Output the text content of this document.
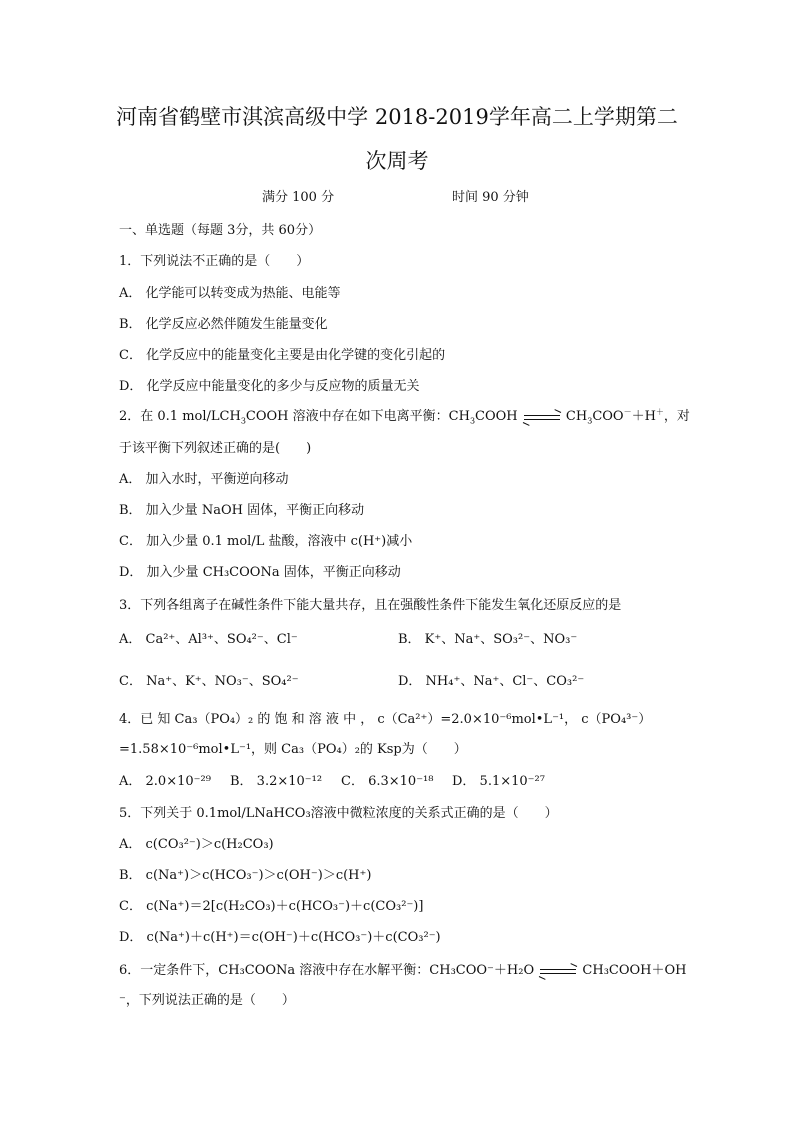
河南省鹤壁市淇滨高级中学 2018-2019学年高二上学期第二
次周考
满分 100 分	时间 90 分钟
一、单选题（每题 3分，共 60分）
1．下列说法不正确的是（　　）
A． 化学能可以转变成为热能、电能等
B． 化学反应必然伴随发生能量变化
C． 化学反应中的能量变化主要是由化学键的变化引起的
D． 化学反应中能量变化的多少与反应物的质量无关
2．在 0.1 mol/$LCH_3COOH$ 溶液中存在如下电离平衡：$CH_3COOH$	$CH_3COO^-+H^+$，对
于该平衡下列叙述正确的是(　　)
A． 加入水时，平衡逆向移动
B． 加入少量 NaOH 固体，平衡正向移动
C． 加入少量 0.1 mol/L 盐酸，溶液中 c(H⁺)减小
D． 加入少量 CH₃COONa 固体，平衡正向移动
3．下列各组离子在碱性条件下能大量共存，且在强酸性条件下能发生氧化还原反应的是
A． Ca²⁺、Al³⁺、SO₄²⁻、Cl⁻	B． K⁺、Na⁺、SO₃²⁻、NO₃⁻
C． Na⁺、K⁺、NO₃⁻、SO₄²⁻	D． NH₄⁺、Na⁺、Cl⁻、CO₃²⁻
4．已 知 Ca₃（PO₄）₂ 的 饱 和 溶 液 中 ， c（Ca²⁺）=2.0×10⁻⁶mol•L⁻¹， c（PO₄³⁻）
=1.58×10⁻⁶mol•L⁻¹，则 Ca₃（PO₄）₂的 Ksp为（　　）
A． 2.0×10⁻²⁹ B． 3.2×10⁻¹² C． 6.3×10⁻¹⁸ D． 5.1×10⁻²⁷
5．下列关于 0.1mol/LNaHCO₃溶液中微粒浓度的关系式正确的是（　　）
A． c(CO₃²⁻)＞c(H₂CO₃)
B． c(Na⁺)＞c(HCO₃⁻)＞c(OH⁻)＞c(H⁺)
C． c(Na⁺)＝2[c(H₂CO₃)＋c(HCO₃⁻)＋c(CO₃²⁻)]
D． c(Na⁺)＋c(H⁺)＝c(OH⁻)＋c(HCO₃⁻)＋c(CO₃²⁻)
6．一定条件下，CH₃COONa 溶液中存在水解平衡：CH₃COO⁻＋H₂O	CH₃COOH＋OH
⁻，下列说法正确的是（　　）
